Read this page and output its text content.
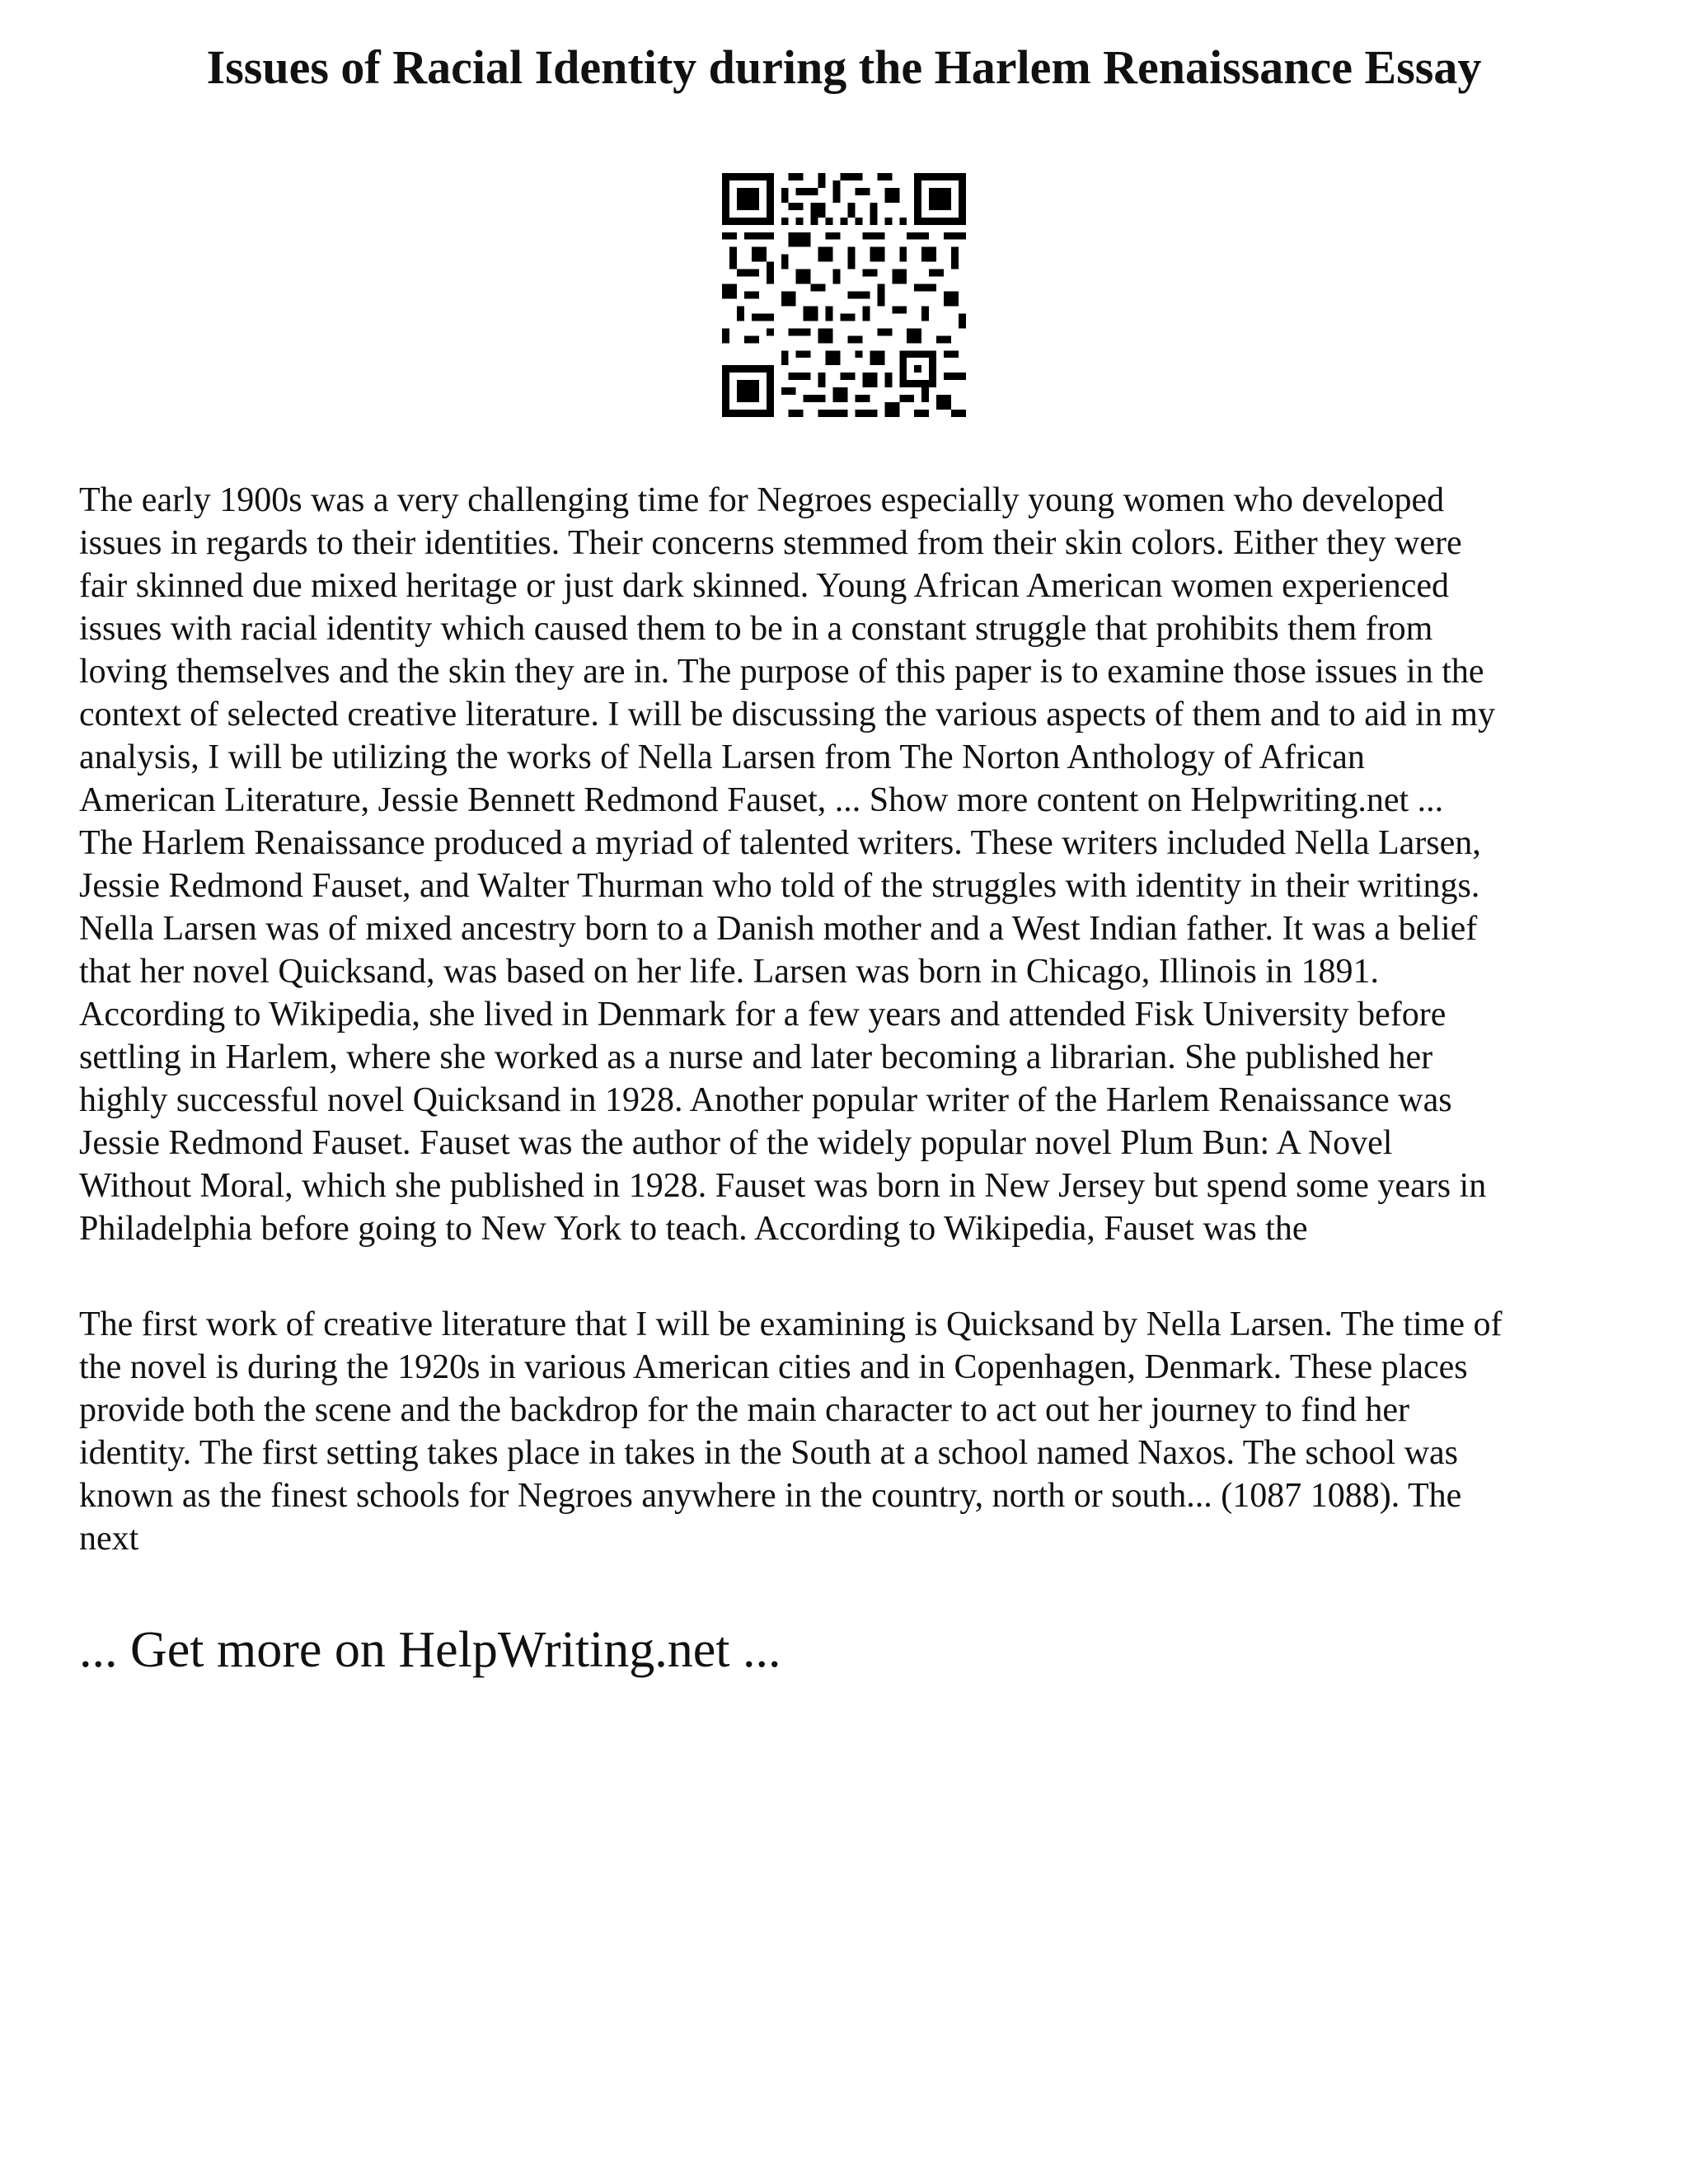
Issues of Racial Identity during the Harlem Renaissance Essay
The early 1900s was a very challenging time for Negroes especially young women who developed
issues in regards to their identities. Their concerns stemmed from their skin colors. Either they were
fair skinned due mixed heritage or just dark skinned. Young African American women experienced
issues with racial identity which caused them to be in a constant struggle that prohibits them from
loving themselves and the skin they are in. The purpose of this paper is to examine those issues in the
context of selected creative literature. I will be discussing the various aspects of them and to aid in my
analysis, I will be utilizing the works of Nella Larsen from The Norton Anthology of African
American Literature, Jessie Bennett Redmond Fauset, ... Show more content on Helpwriting.net ...
The Harlem Renaissance produced a myriad of talented writers. These writers included Nella Larsen,
Jessie Redmond Fauset, and Walter Thurman who told of the struggles with identity in their writings.
Nella Larsen was of mixed ancestry born to a Danish mother and a West Indian father. It was a belief
that her novel Quicksand, was based on her life. Larsen was born in Chicago, Illinois in 1891.
According to Wikipedia, she lived in Denmark for a few years and attended Fisk University before
settling in Harlem, where she worked as a nurse and later becoming a librarian. She published her
highly successful novel Quicksand in 1928. Another popular writer of the Harlem Renaissance was
Jessie Redmond Fauset. Fauset was the author of the widely popular novel Plum Bun: A Novel
Without Moral, which she published in 1928. Fauset was born in New Jersey but spend some years in
Philadelphia before going to New York to teach. According to Wikipedia, Fauset was the
The first work of creative literature that I will be examining is Quicksand by Nella Larsen. The time of
the novel is during the 1920s in various American cities and in Copenhagen, Denmark. These places
provide both the scene and the backdrop for the main character to act out her journey to find her
identity. The first setting takes place in takes in the South at a school named Naxos. The school was
known as the finest schools for Negroes anywhere in the country, north or south... (1087 1088). The
next
... Get more on HelpWriting.net ...
